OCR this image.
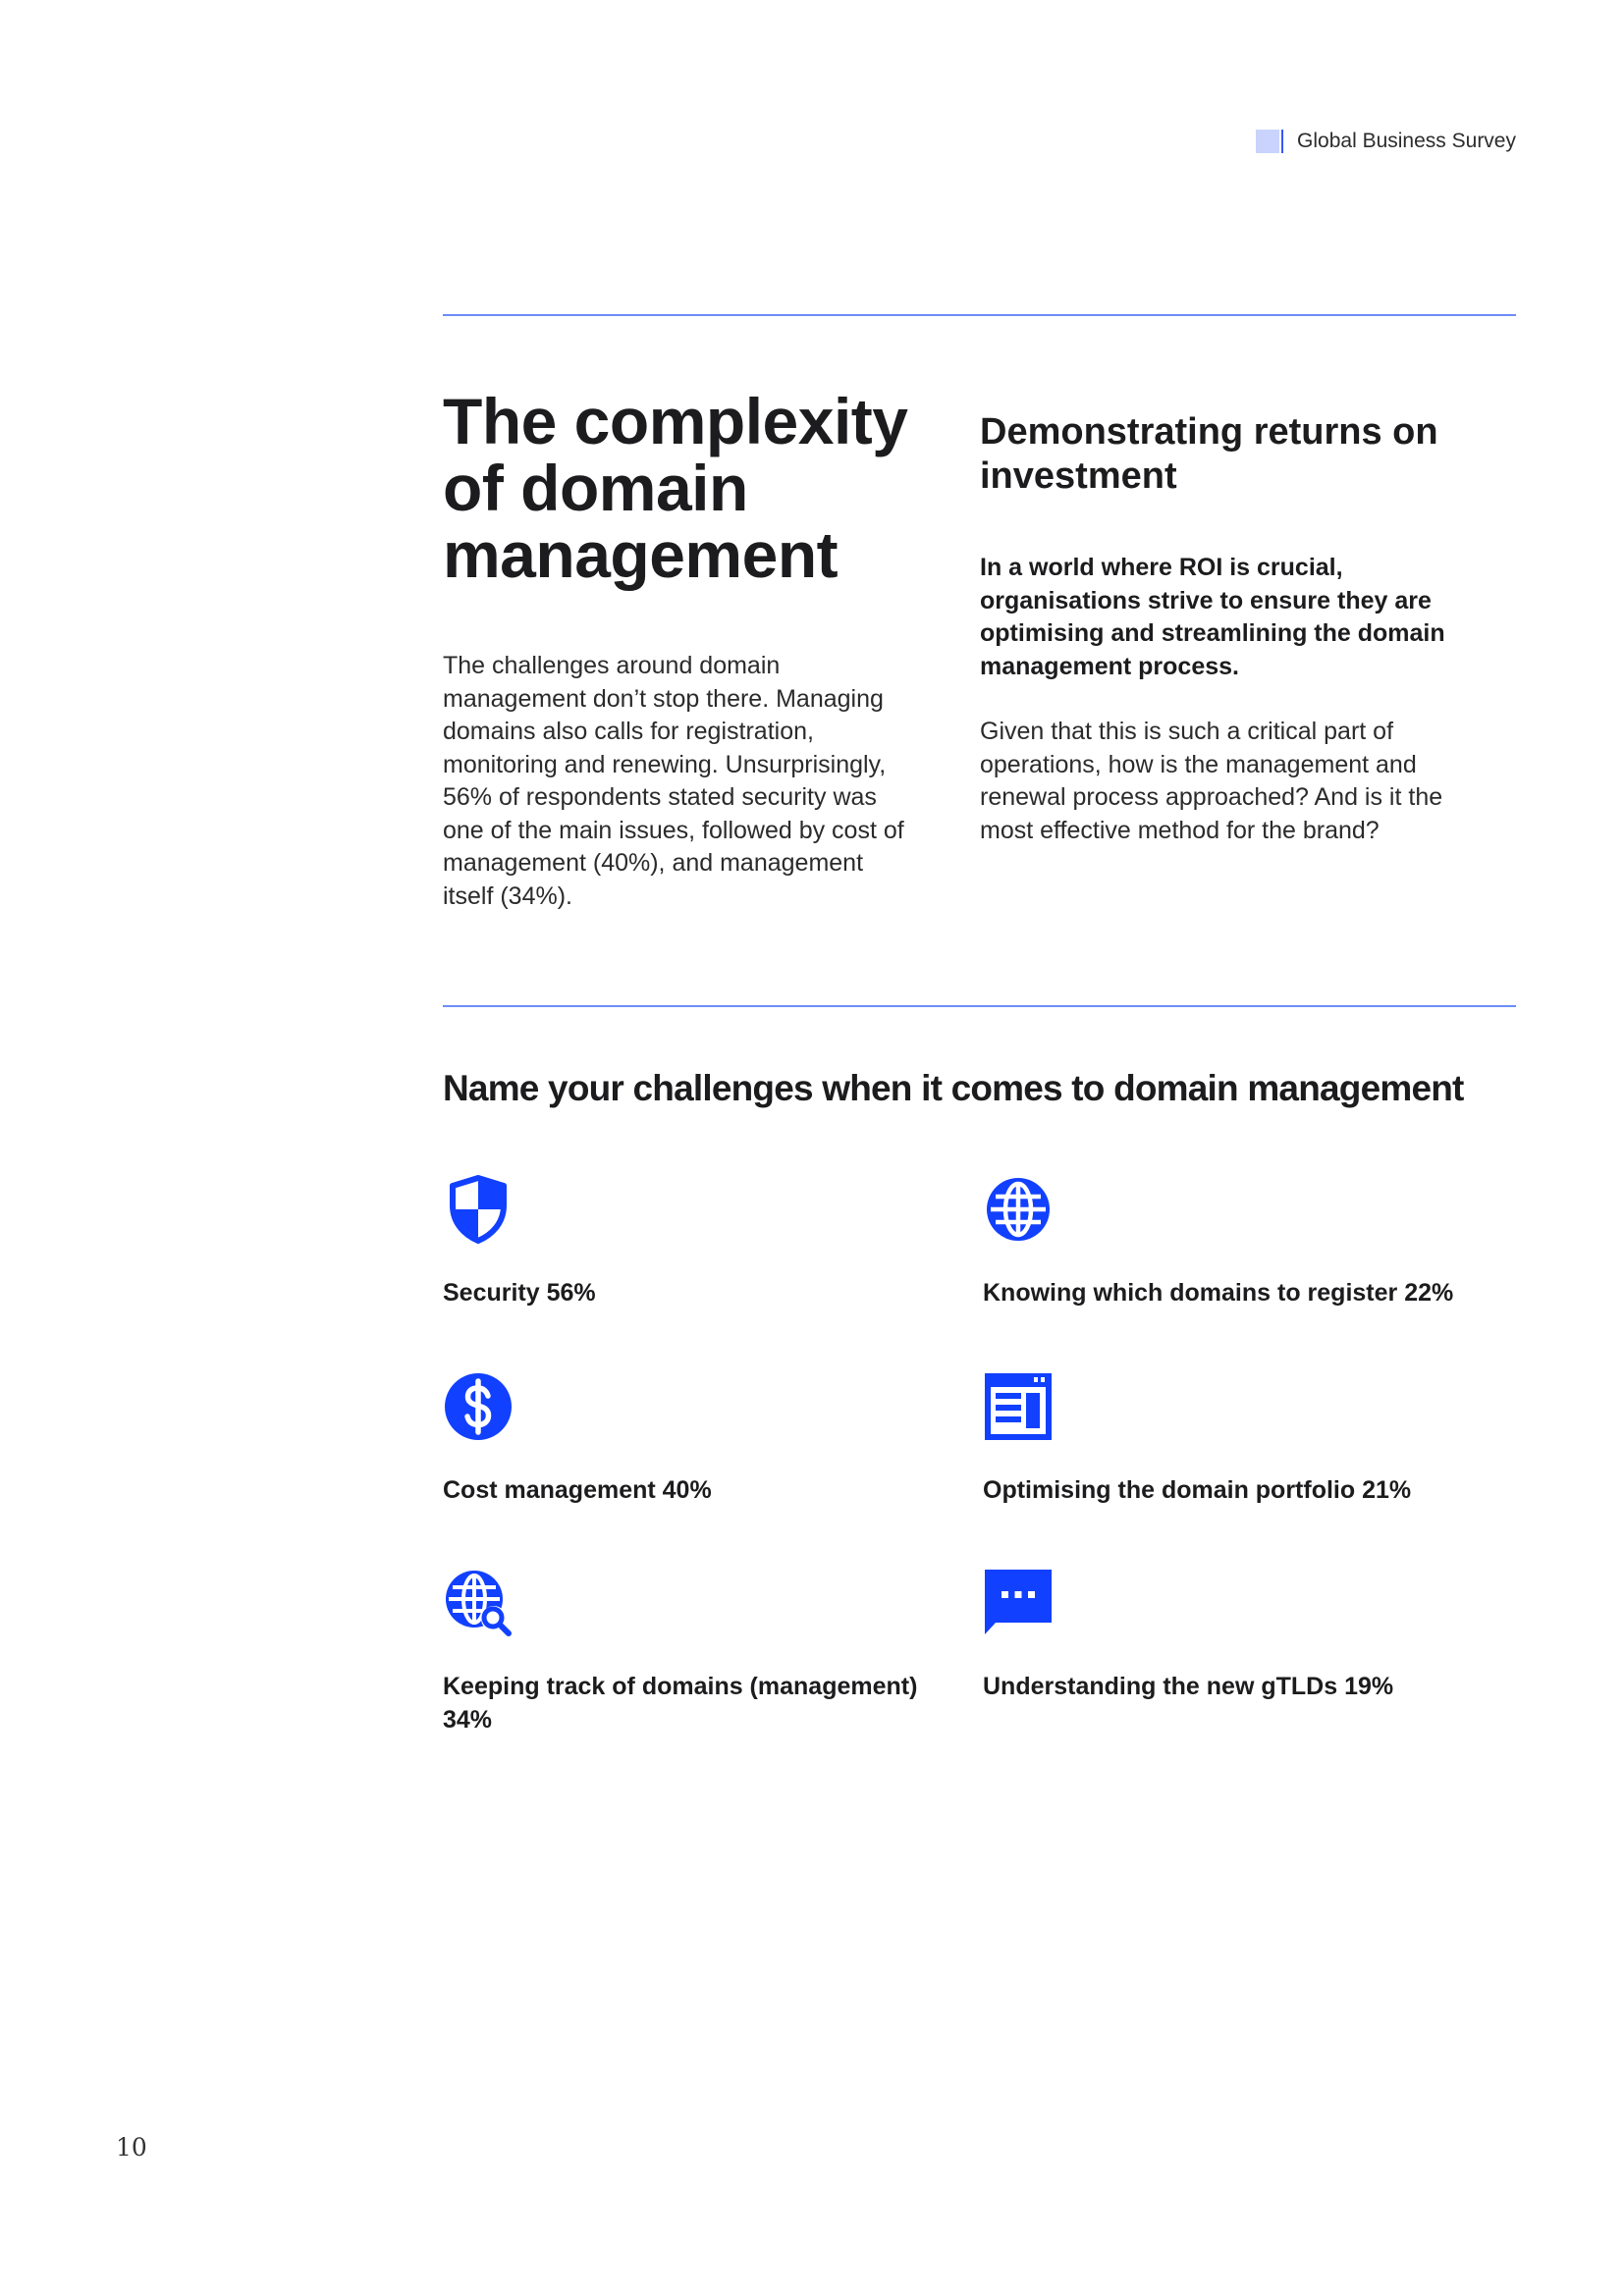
Global Business Survey
The complexity of domain management

The challenges around domain management don’t stop there. Managing domains also calls for registration, monitoring and renewing. Unsurprisingly, 56% of respondents stated security was one of the main issues, followed by cost of management (40%), and management itself (34%).

Demonstrating returns on investment

In a world where ROI is crucial, organisations strive to ensure they are optimising and streamlining the domain management process.

Given that this is such a critical part of operations, how is the management and renewal process approached? And is it the most effective method for the brand?

Name your challenges when it comes to domain management
Security 56%	Knowing which domains to register 22%
Cost management 40%	Optimising the domain portfolio 21%
Keeping track of domains (management) 34%
Understanding the new gTLDs 19%
10
